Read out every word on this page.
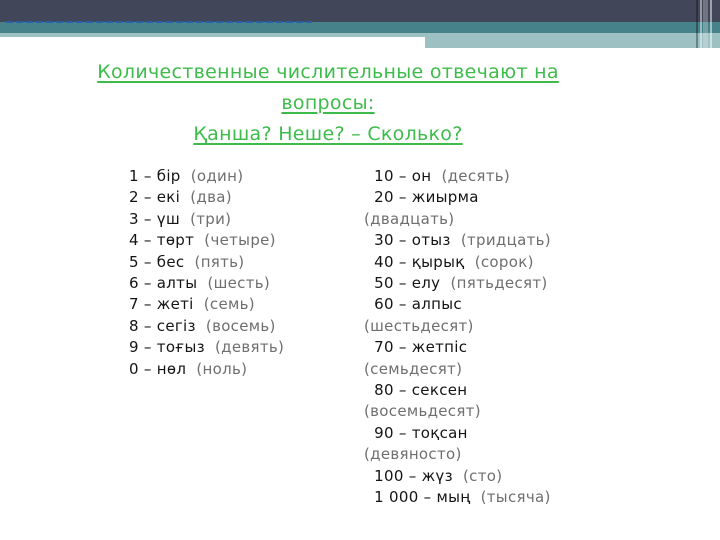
Количественные числительные отвечают на
вопросы:
Қанша? Неше? – Сколько?
1 – бір  (один)
2 – екі  (два)
3 – үш  (три)
4 – төрт  (четыре)
5 – бес  (пять)
6 – алты  (шесть)
7 – жеті  (семь)
8 – сегіз  (восемь)
9 – тоғыз  (девять)
0 – нөл  (ноль)
10 – он  (десять)
20 – жиырма
(двадцать)
30 – отыз  (тридцать)
40 – қырық  (сорок)
50 – елу  (пятьдесят)
60 – алпыс
(шестьдесят)
70 – жетпіс
(семьдесят)
80 – сексен
(восемьдесят)
90 – тоқсан
(девяносто)
100 – жүз  (сто)
1 000 – мың  (тысяча)
